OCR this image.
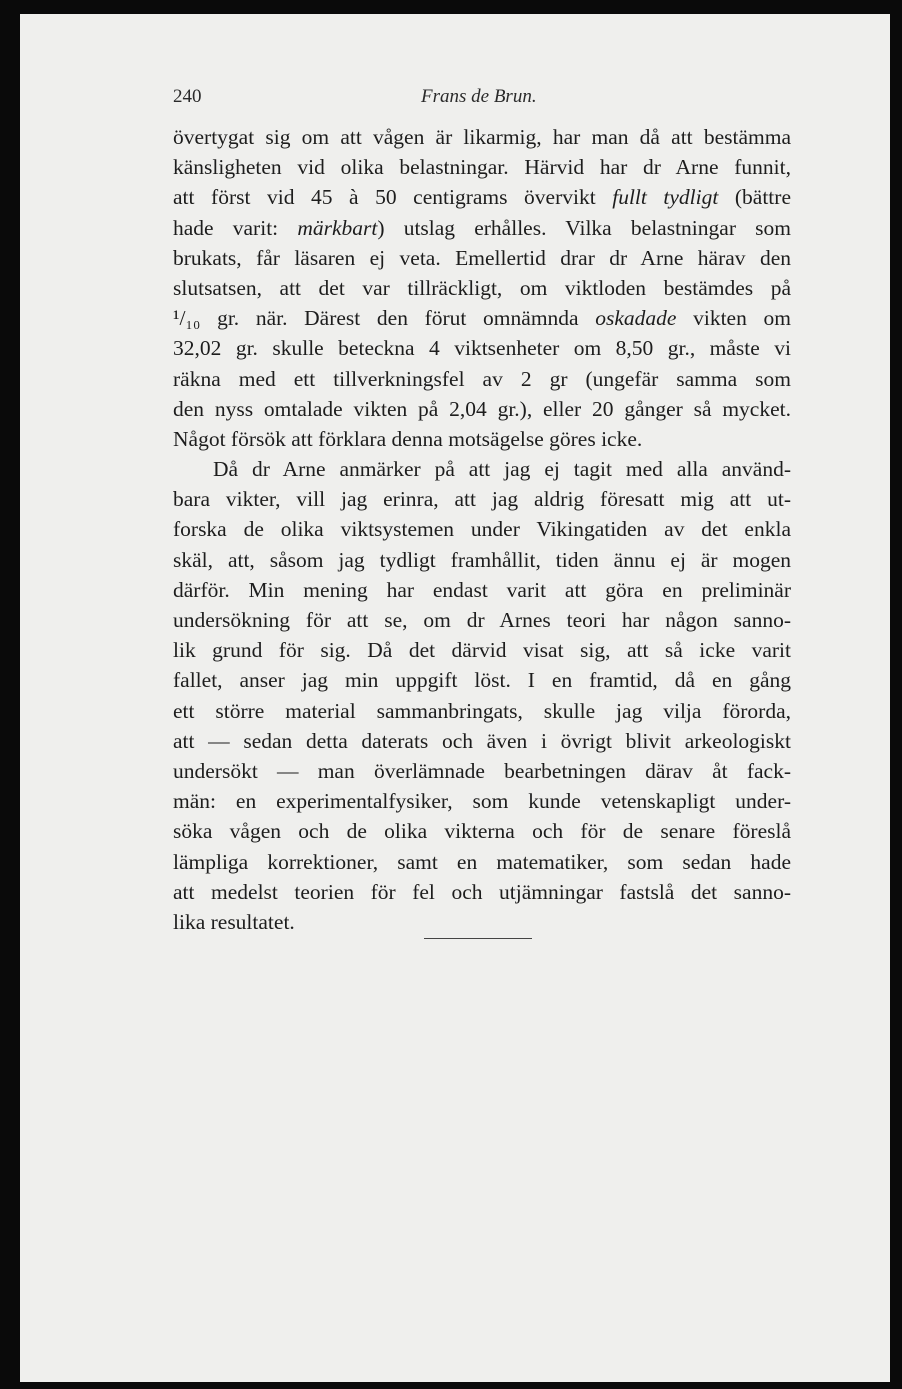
240	Frans de Brun.
övertygat sig om att vågen är likarmig, har man då att bestämma
känsligheten vid olika belastningar. Härvid har dr Arne funnit,
att först vid 45 à 50 centigrams övervikt fullt tydligt (bättre
hade varit: märkbart) utslag erhålles. Vilka belastningar som
brukats, får läsaren ej veta. Emellertid drar dr Arne härav den
slutsatsen, att det var tillräckligt, om viktloden bestämdes på
¹/₁₀ gr. när. Därest den förut omnämnda oskadade vikten om
32,02 gr. skulle beteckna 4 viktsenheter om 8,50 gr., måste vi
räkna med ett tillverkningsfel av 2 gr (ungefär samma som
den nyss omtalade vikten på 2,04 gr.), eller 20 gånger så mycket.
Något försök att förklara denna motsägelse göres icke.
Då dr Arne anmärker på att jag ej tagit med alla använd-
bara vikter, vill jag erinra, att jag aldrig föresatt mig att ut-
forska de olika viktsystemen under Vikingatiden av det enkla
skäl, att, såsom jag tydligt framhållit, tiden ännu ej är mogen
därför. Min mening har endast varit att göra en preliminär
undersökning för att se, om dr Arnes teori har någon sanno-
lik grund för sig. Då det därvid visat sig, att så icke varit
fallet, anser jag min uppgift löst. I en framtid, då en gång
ett större material sammanbringats, skulle jag vilja förorda,
att — sedan detta daterats och även i övrigt blivit arkeologiskt
undersökt — man överlämnade bearbetningen därav åt fack-
män: en experimentalfysiker, som kunde vetenskapligt under-
söka vågen och de olika vikterna och för de senare föreslå
lämpliga korrektioner, samt en matematiker, som sedan hade
att medelst teorien för fel och utjämningar fastslå det sanno-
lika resultatet.
